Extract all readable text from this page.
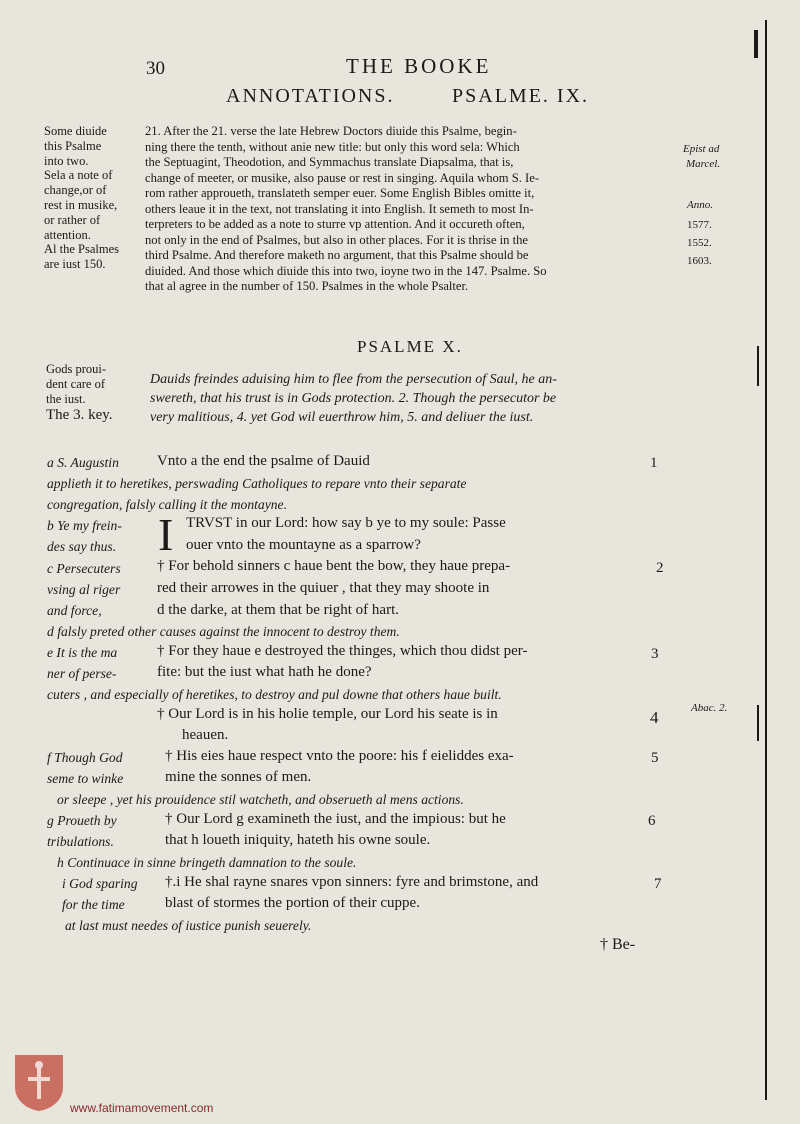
30	THE BOOKE
ANNOTATIONS.	PSALME. IX.
Some diuide
this Psalme
into two.
Sela a note of
change,or of
rest in musike,
or rather of
attention.
Al the Psalmes
are iust 150.
21. After the 21. verse the late Hebrew Doctors diuide this Psalme, begin-
ning there the tenth, without anie new title: but only this word sela: Which
the Septuagint, Theodotion, and Symmachus translate Diapsalma, that is,
change of meeter, or musike, also pause or rest in singing. Aquila whom S. Ie-
rom rather approueth, translateth semper euer. Some English Bibles omitte it,
others leaue it in the text, not translating it into English. It semeth to most In-
terpreters to be added as a note to sturre vp attention. And it occureth often,
not only in the end of Psalmes, but also in other places. For it is thrise in the
third Psalme. And therefore maketh no argument, that this Psalme should be
diuided. And those which diuide this into two, ioyne two in the 147. Psalme. So
that al agree in the number of 150. Psalmes in the whole Psalter.
Epist ad
Marcel.
Anno.
1577.
1552.
1603.
PSALME X.
Gods proui-
dent care of
the iust.
The 3. key.
Dauids freindes aduising him to flee from the persecution of Saul, he an-
swereth, that his trust is in Gods protection. 2. Though the persecutor be
very malitious, 4. yet God wil euerthrow him, 5. and deliuer the iust.
a S. Augustin	Vnto a the end the psalme of Dauid	1
applieth it to heretikes, perswading Catholiques to repare vnto their separate
congregation, falsly calling it the montayne.
b Ye my frein-
des say thus. I TRVST in our Lord: how say b ye to my soule: Passe
ouer vnto the mountayne as a sparrow?
c Persecuters
vsing al riger
and force,
† For behold sinners c haue bent the bow, they haue prepa-	2
red their arrowes in the quiuer , that they may shoote in
d the darke, at them that be right of hart.
d falsly preted other causes against the innocent to destroy them.
e It is the ma
ner of perse-
† For they haue e destroyed the thinges, which thou didst per-	3
fite: but the iust what hath he done?
cuters , and especially of heretikes, to destroy and pul downe that others haue built.
† Our Lord is in his holie temple, our Lord his seate is in	4	Abac. 2.
heauen.
f Though God
seme to winke
† His eies haue respect vnto the poore: his f eieliddes exa-	5
mine the sonnes of men.
or sleepe , yet his prouidence stil watcheth, and obserueth al mens actions.
g Proueth by
tribulations.
† Our Lord g examineth the iust, and the impious: but he	6
that h loueth iniquity, hateth his owne soule.
h Continuace in sinne bringeth damnation to the soule.
i God sparing
for the time
†.i He shal rayne snares vpon sinners: fyre and brimstone, and	7
blast of stormes the portion of their cuppe.
at last must needes of iustice punish seuerely.
† Be-
www.fatimamovement.com
